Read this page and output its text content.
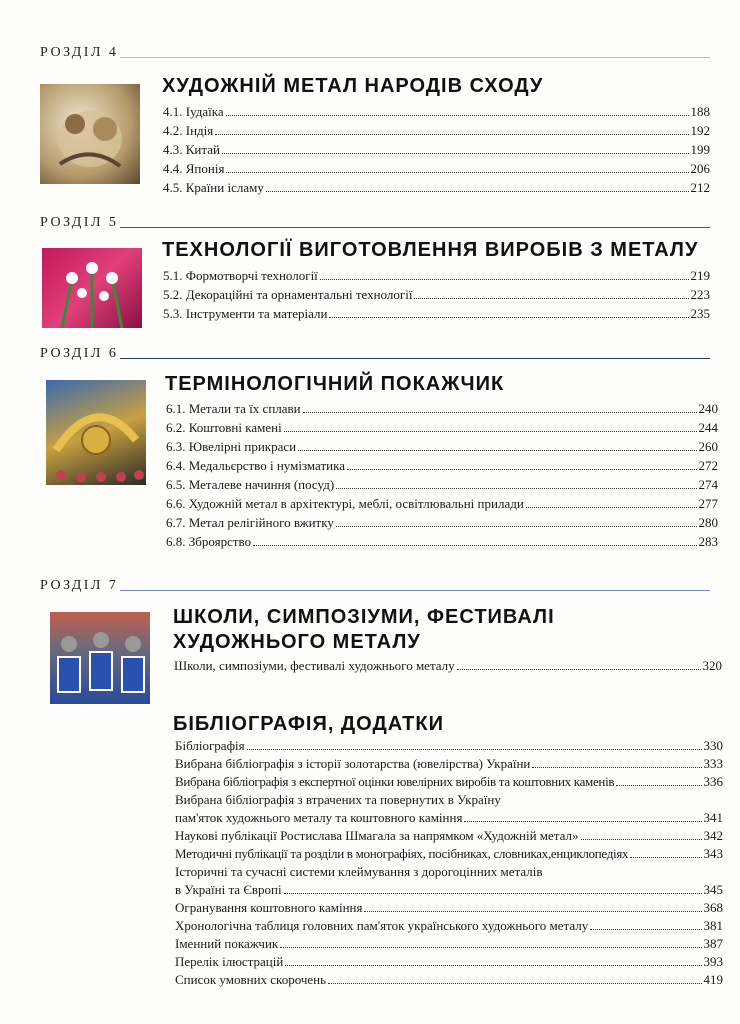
РОЗДІЛ 4
ХУДОЖНІЙ МЕТАЛ НАРОДІВ СХОДУ
4.1. Іудаїка	188
4.2. Індія	192
4.3. Китай	199
4.4. Японія	206
4.5. Країни ісламу	212
РОЗДІЛ 5
ТЕХНОЛОГІЇ ВИГОТОВЛЕННЯ ВИРОБІВ З МЕТАЛУ
5.1. Формотворчі технології	219
5.2. Декораційні та орнаментальні технології	223
5.3. Інструменти та матеріали	235
РОЗДІЛ 6
ТЕРМІНОЛОГІЧНИЙ ПОКАЖЧИК
6.1. Метали та їх сплави	240
6.2. Коштовні камені	244
6.3. Ювелірні прикраси	260
6.4. Медальєрство і нумізматика	272
6.5. Металеве начиння (посуд)	274
6.6. Художній метал в архітектурі, меблі, освітлювальні прилади	277
6.7. Метал релігійного вжитку	280
6.8. Зброярство	283
РОЗДІЛ 7
ШКОЛИ, СИМПОЗІУМИ, ФЕСТИВАЛІ
ХУДОЖНЬОГО МЕТАЛУ
Школи, симпозіуми, фестивалі художнього металу	320
БІБЛІОГРАФІЯ, ДОДАТКИ
Бібліографія	330
Вибрана бібліографія з історії золотарства (ювелірства) України	333
Вибрана бібліографія з експертної оцінки ювелірних виробів та коштовних каменів	336
Вибрана бібліографія з втрачених та повернутих в Україну
пам'яток художнього металу та коштовного каміння	341
Наукові публікації Ростислава Шмагала за напрямком «Художній метал»	342
Методичні публікації та розділи в монографіях, посібниках, словниках,енциклопедіях	343
Історичні та сучасні системи клеймування з дорогоцінних металів
в Україні та Європі	345
Огранування коштовного каміння	368
Хронологічна таблиця головних пам'яток українського художнього металу	381
Іменний покажчик	387
Перелік ілюстрацій	393
Список умовних скорочень	419
